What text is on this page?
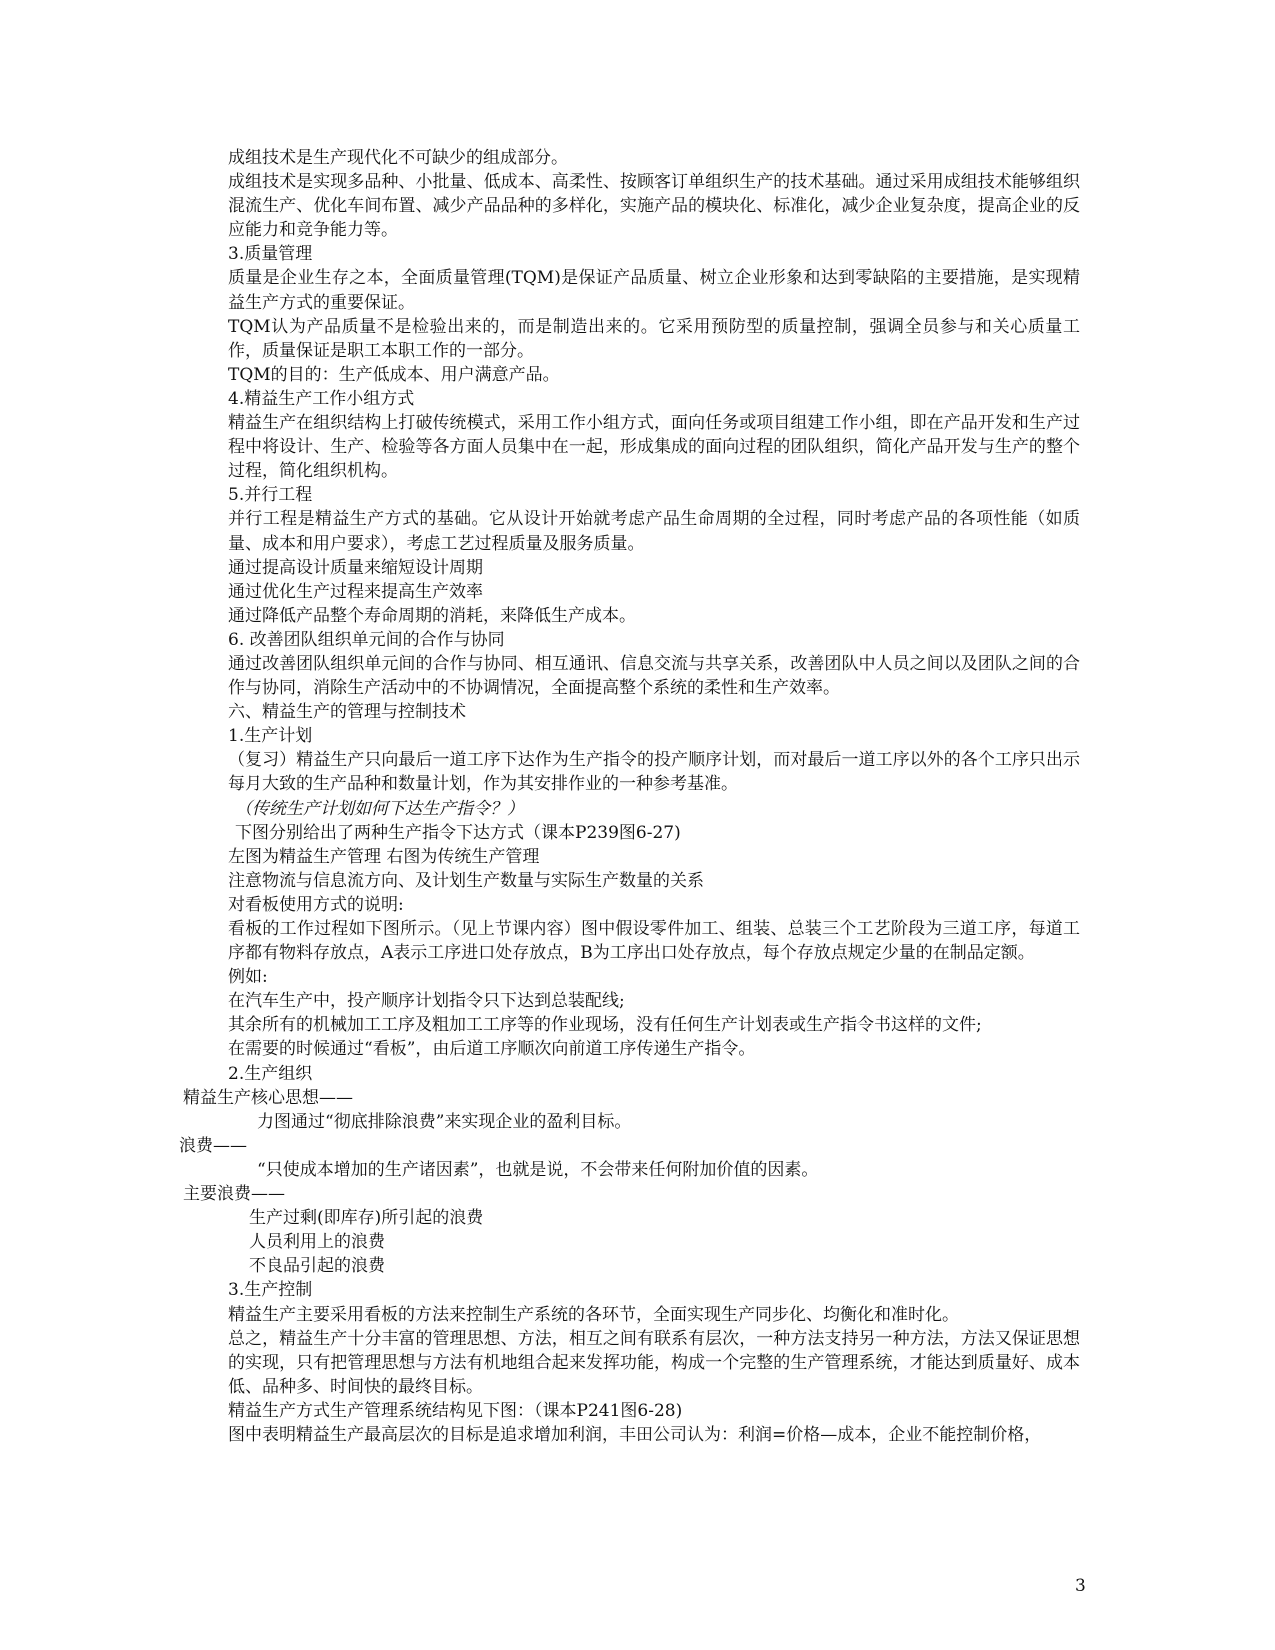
成组技术是生产现代化不可缺少的组成部分。

成组技术是实现多品种、小批量、低成本、高柔性、按顾客订单组织生产的技术基础。通过采用成组技术能够组织混流生产、优化车间布置、减少产品品种的多样化，实施产品的模块化、标准化，减少企业复杂度，提高企业的反应能力和竞争能力等。

3.质量管理

质量是企业生存之本，全面质量管理(TQM)是保证产品质量、树立企业形象和达到零缺陷的主要措施，是实现精益生产方式的重要保证。

TQM认为产品质量不是检验出来的，而是制造出来的。它采用预防型的质量控制，强调全员参与和关心质量工作，质量保证是职工本职工作的一部分。

TQM的目的：生产低成本、用户满意产品。

4.精益生产工作小组方式

精益生产在组织结构上打破传统模式，采用工作小组方式，面向任务或项目组建工作小组，即在产品开发和生产过程中将设计、生产、检验等各方面人员集中在一起，形成集成的面向过程的团队组织，简化产品开发与生产的整个过程，简化组织机构。

5.并行工程

并行工程是精益生产方式的基础。它从设计开始就考虑产品生命周期的全过程，同时考虑产品的各项性能（如质量、成本和用户要求），考虑工艺过程质量及服务质量。

通过提高设计质量来缩短设计周期

通过优化生产过程来提高生产效率

通过降低产品整个寿命周期的消耗，来降低生产成本。

6. 改善团队组织单元间的合作与协同

通过改善团队组织单元间的合作与协同、相互通讯、信息交流与共享关系，改善团队中人员之间以及团队之间的合作与协同，消除生产活动中的不协调情况，全面提高整个系统的柔性和生产效率。

六、精益生产的管理与控制技术

1.生产计划

（复习）精益生产只向最后一道工序下达作为生产指令的投产顺序计划，而对最后一道工序以外的各个工序只出示每月大致的生产品种和数量计划，作为其安排作业的一种参考基准。

（传统生产计划如何下达生产指令？）

下图分别给出了两种生产指令下达方式（课本P239图6-27)

左图为精益生产管理 右图为传统生产管理

注意物流与信息流方向、及计划生产数量与实际生产数量的关系

对看板使用方式的说明:

看板的工作过程如下图所示。（见上节课内容）图中假设零件加工、组装、总装三个工艺阶段为三道工序，每道工序都有物料存放点，A表示工序进口处存放点，B为工序出口处存放点，每个存放点规定少量的在制品定额。

例如:

在汽车生产中，投产顺序计划指令只下达到总装配线;

其余所有的机械加工工序及粗加工工序等的作业现场，没有任何生产计划表或生产指令书这样的文件;

在需要的时候通过“看板”，由后道工序顺次向前道工序传递生产指令。

2.生产组织

精益生产核心思想——

力图通过“彻底排除浪费”来实现企业的盈利目标。

浪费——

“只使成本增加的生产诸因素”，也就是说，不会带来任何附加价值的因素。

主要浪费——

生产过剩(即库存)所引起的浪费

人员利用上的浪费

不良品引起的浪费

3.生产控制

精益生产主要采用看板的方法来控制生产系统的各环节，全面实现生产同步化、均衡化和准时化。

总之，精益生产十分丰富的管理思想、方法，相互之间有联系有层次，一种方法支持另一种方法，方法又保证思想的实现，只有把管理思想与方法有机地组合起来发挥功能，构成一个完整的生产管理系统，才能达到质量好、成本低、品种多、时间快的最终目标。

精益生产方式生产管理系统结构见下图：（课本P241图6-28)

图中表明精益生产最高层次的目标是追求增加利润，丰田公司认为：利润=价格—成本，企业不能控制价格，

3
